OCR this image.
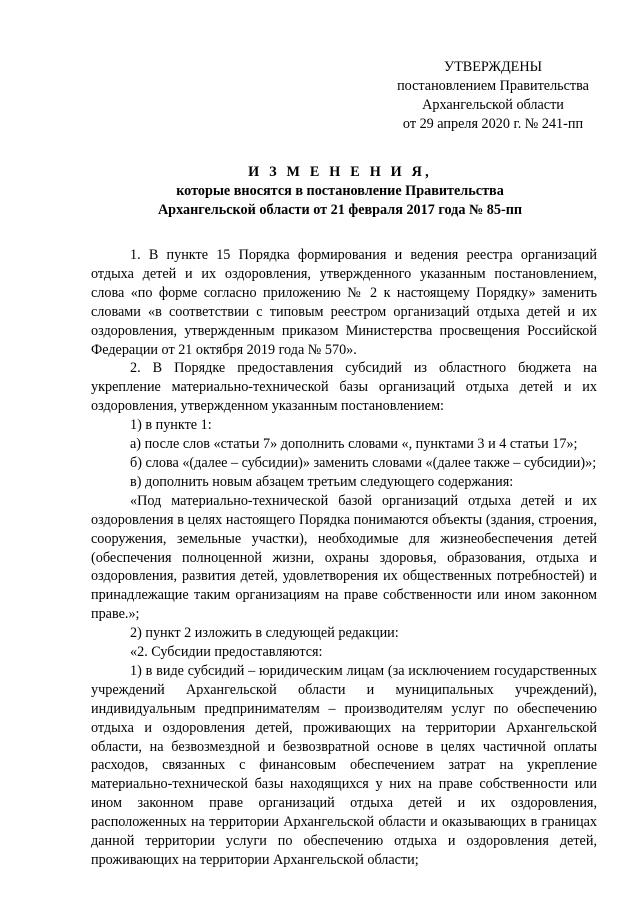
УТВЕРЖДЕНЫ
постановлением Правительства
Архангельской области
от 29 апреля 2020 г. № 241-пп
И З М Е Н Е Н И Я,
которые вносятся в постановление Правительства
Архангельской области от 21 февраля 2017 года № 85-пп

1. В пункте 15 Порядка формирования и ведения реестра организаций отдыха детей и их оздоровления, утвержденного указанным постановлением, слова «по форме согласно приложению № 2 к настоящему Порядку» заменить словами «в соответствии с типовым реестром организаций отдыха детей и их оздоровления, утвержденным приказом Министерства просвещения Российской Федерации от 21 октября 2019 года № 570».

2. В Порядке предоставления субсидий из областного бюджета на укрепление материально-технической базы организаций отдыха детей и их оздоровления, утвержденном указанным постановлением:

1) в пункте 1:

а) после слов «статьи 7» дополнить словами «, пунктами 3 и 4 статьи 17»;

б) слова «(далее – субсидии)» заменить словами «(далее также – субсидии)»;

в) дополнить новым абзацем третьим следующего содержания:

«Под материально-технической базой организаций отдыха детей и их оздоровления в целях настоящего Порядка понимаются объекты (здания, строения, сооружения, земельные участки), необходимые для жизнеобеспечения детей (обеспечения полноценной жизни, охраны здоровья, образования, отдыха и оздоровления, развития детей, удовлетворения их общественных потребностей) и принадлежащие таким организациям на праве собственности или ином законном праве.»;

2) пункт 2 изложить в следующей редакции:

«2. Субсидии предоставляются:

1) в виде субсидий – юридическим лицам (за исключением государственных учреждений Архангельской области и муниципальных учреждений), индивидуальным предпринимателям – производителям услуг по обеспечению отдыха и оздоровления детей, проживающих на территории Архангельской области, на безвозмездной и безвозвратной основе в целях частичной оплаты расходов, связанных с финансовым обеспечением затрат на укрепление материально-технической базы находящихся у них на праве собственности или ином законном праве организаций отдыха детей и их оздоровления, расположенных на территории Архангельской области и оказывающих в границах данной территории услуги по обеспечению отдыха и оздоровления детей, проживающих на территории Архангельской области;
